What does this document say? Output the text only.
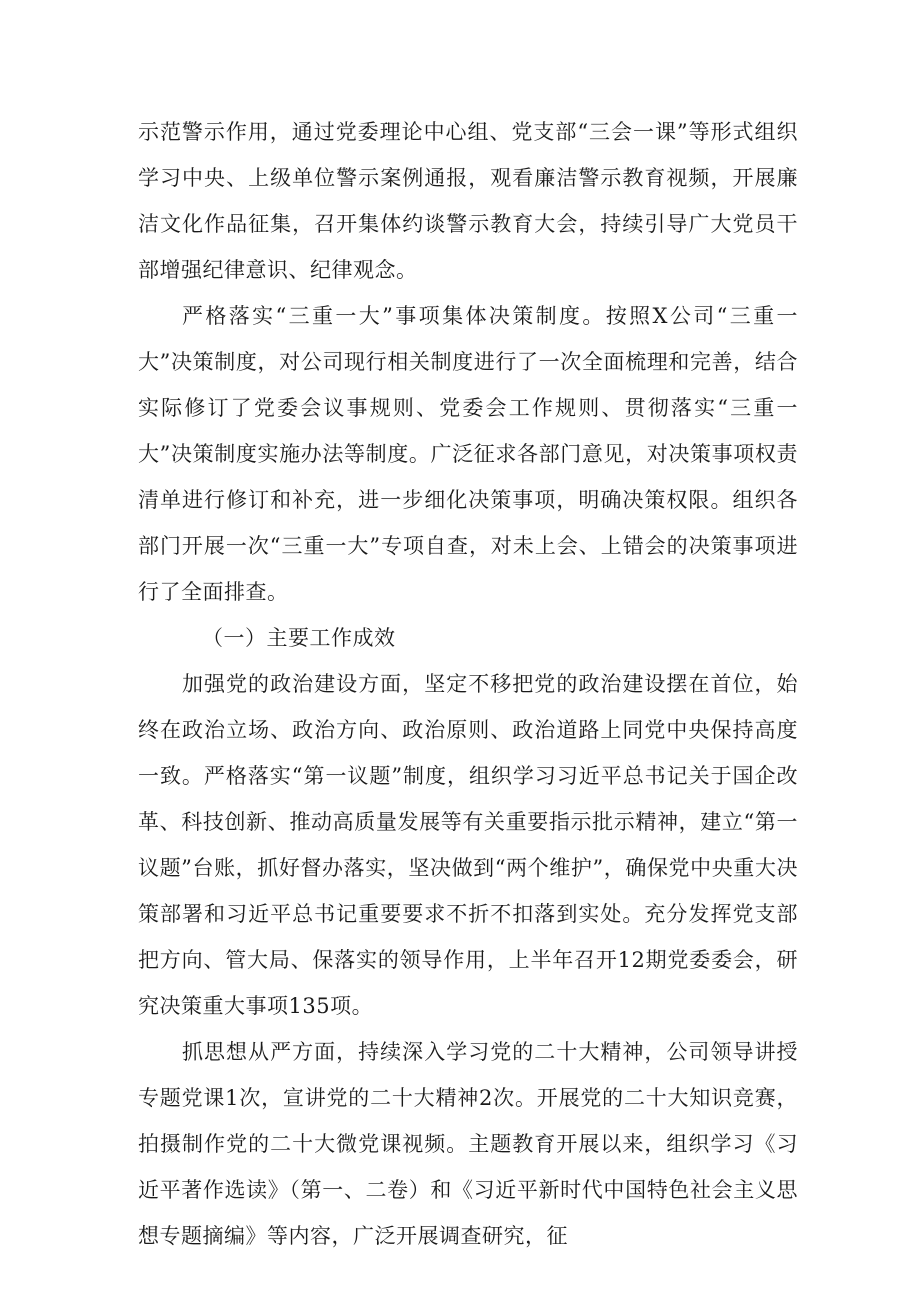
示范警示作用，通过党委理论中心组、党支部“三会一课”等形式组织学习中央、上级单位警示案例通报，观看廉洁警示教育视频，开展廉洁文化作品征集，召开集体约谈警示教育大会，持续引导广大党员干部增强纪律意识、纪律观念。

严格落实“三重一大”事项集体决策制度。按照X公司“三重一大”决策制度，对公司现行相关制度进行了一次全面梳理和完善，结合实际修订了党委会议事规则、党委会工作规则、贯彻落实“三重一大”决策制度实施办法等制度。广泛征求各部门意见，对决策事项权责清单进行修订和补充，进一步细化决策事项，明确决策权限。组织各部门开展一次“三重一大”专项自查，对未上会、上错会的决策事项进行了全面排查。

（一）主要工作成效

加强党的政治建设方面，坚定不移把党的政治建设摆在首位，始终在政治立场、政治方向、政治原则、政治道路上同党中央保持高度一致。严格落实“第一议题”制度，组织学习习近平总书记关于国企改革、科技创新、推动高质量发展等有关重要指示批示精神，建立“第一议题”台账，抓好督办落实，坚决做到“两个维护”，确保党中央重大决策部署和习近平总书记重要要求不折不扣落到实处。充分发挥党支部把方向、管大局、保落实的领导作用，上半年召开12期党委委会，研究决策重大事项135项。

抓思想从严方面，持续深入学习党的二十大精神，公司领导讲授专题党课1次，宣讲党的二十大精神2次。开展党的二十大知识竞赛，拍摄制作党的二十大微党课视频。主题教育开展以来，组织学习《习近平著作选读》（第一、二卷）和《习近平新时代中国特色社会主义思想专题摘编》等内容，广泛开展调查研究，征
